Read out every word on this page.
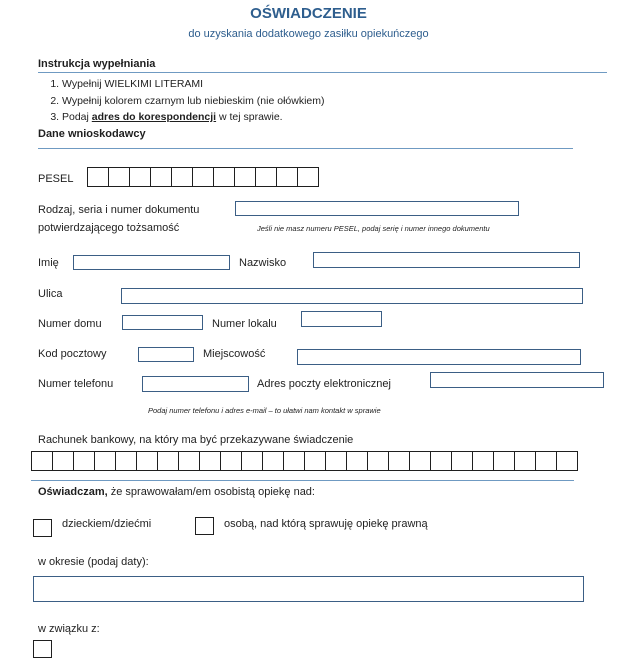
OŚWIADCZENIE
do uzyskania dodatkowego zasiłku opiekuńczego
Instrukcja wypełniania
1. Wypełnij WIELKIMI LITERAMI
2. Wypełnij kolorem czarnym lub niebieskim (nie ołówkiem)
3. Podaj adres do korespondencji w tej sprawie.
Dane wnioskodawcy
PESEL
Rodzaj, seria i numer dokumentu
potwierdzającego tożsamość	Jeśli nie masz numeru PESEL, podaj serię i numer innego dokumentu
Imię	Nazwisko
Ulica
Numer domu	Numer lokalu
Kod pocztowy	Miejscowość
Numer telefonu	Adres poczty elektronicznej
Podaj numer telefonu i adres e-mail – to ułatwi nam kontakt w sprawie
Rachunek bankowy, na który ma być przekazywane świadczenie
Oświadczam, że sprawowałam/em osobistą opiekę nad:
dzieckiem/dziećmi	osobą, nad którą sprawuję opiekę prawną
w okresie (podaj daty):
w związku z:
